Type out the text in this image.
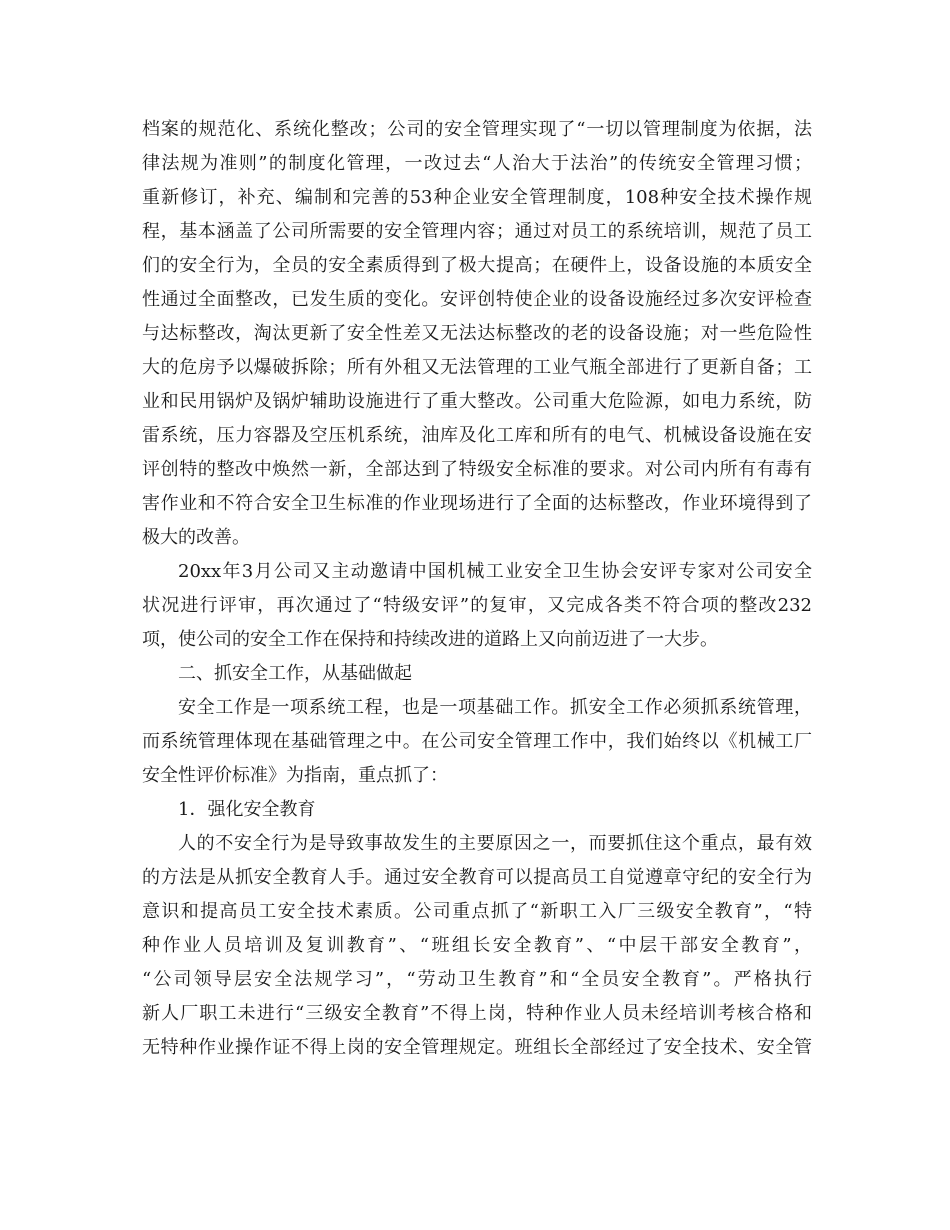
档案的规范化、系统化整改；公司的安全管理实现了“一切以管理制度为依据，法
律法规为准则”的制度化管理，一改过去“人治大于法治”的传统安全管理习惯；
重新修订，补充、编制和完善的53种企业安全管理制度，108种安全技术操作规
程，基本涵盖了公司所需要的安全管理内容；通过对员工的系统培训，规范了员工
们的安全行为，全员的安全素质得到了极大提高；在硬件上，设备设施的本质安全
性通过全面整改，已发生质的变化。安评创特使企业的设备设施经过多次安评检查
与达标整改，淘汰更新了安全性差又无法达标整改的老的设备设施；对一些危险性
大的危房予以爆破拆除；所有外租又无法管理的工业气瓶全部进行了更新自备；工
业和民用锅炉及锅炉辅助设施进行了重大整改。公司重大危险源，如电力系统，防
雷系统，压力容器及空压机系统，油库及化工库和所有的电气、机械设备设施在安
评创特的整改中焕然一新，全部达到了特级安全标准的要求。对公司内所有有毒有
害作业和不符合安全卫生标准的作业现场进行了全面的达标整改，作业环境得到了
极大的改善。
20xx年3月公司又主动邀请中国机械工业安全卫生协会安评专家对公司安全
状况进行评审，再次通过了“特级安评”的复审，又完成各类不符合项的整改232
项，使公司的安全工作在保持和持续改进的道路上又向前迈进了一大步。
二、抓安全工作，从基础做起
安全工作是一项系统工程，也是一项基础工作。抓安全工作必须抓系统管理，
而系统管理体现在基础管理之中。在公司安全管理工作中，我们始终以《机械工厂
安全性评价标准》为指南，重点抓了：
1．强化安全教育
人的不安全行为是导致事故发生的主要原因之一，而要抓住这个重点，最有效
的方法是从抓安全教育人手。通过安全教育可以提高员工自觉遵章守纪的安全行为
意识和提高员工安全技术素质。公司重点抓了“新职工入厂三级安全教育”，“特
种作业人员培训及复训教育”、“班组长安全教育”、“中层干部安全教育”，
“公司领导层安全法规学习”，“劳动卫生教育”和“全员安全教育”。严格执行
新人厂职工未进行“三级安全教育”不得上岗，特种作业人员未经培训考核合格和
无特种作业操作证不得上岗的安全管理规定。班组长全部经过了安全技术、安全管
